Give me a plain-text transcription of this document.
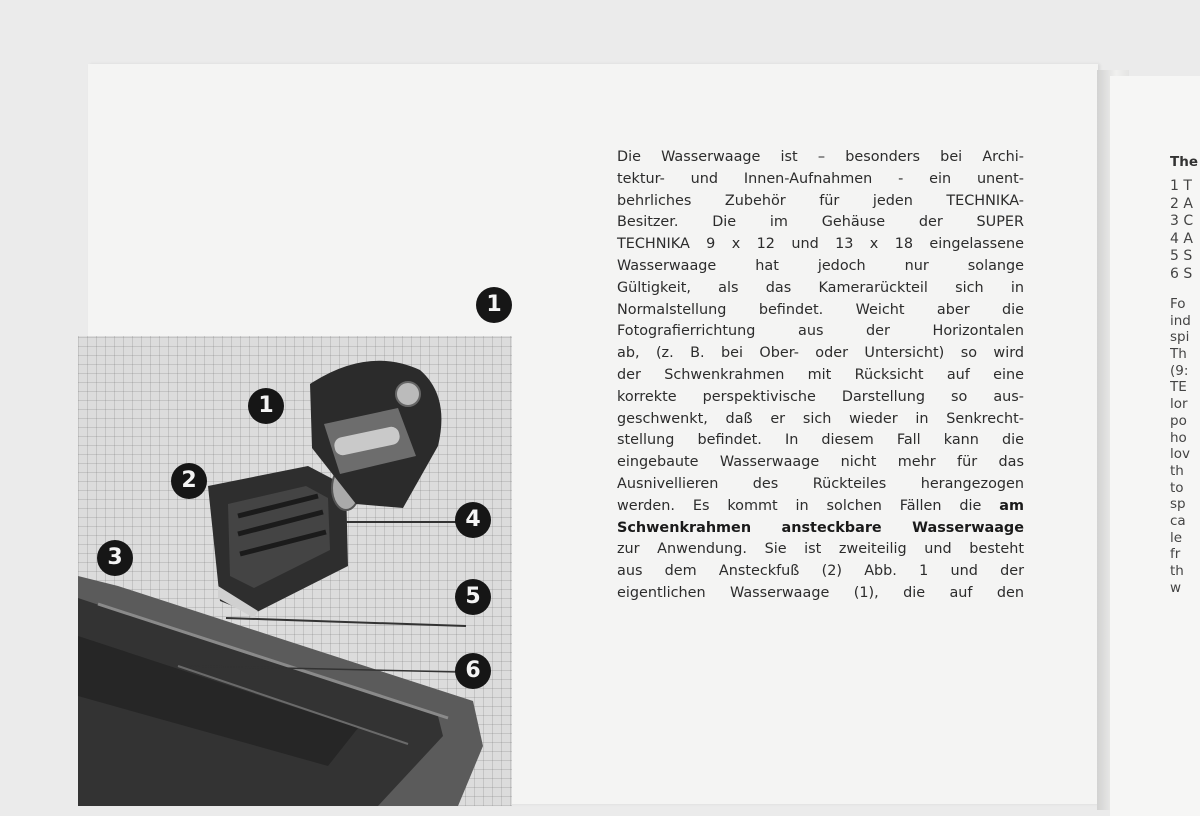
1
1
2
3
4
5
6
Die Wasserwaage ist – besonders bei Archi-
tektur- und Innen-Aufnahmen - ein unent-
behrliches Zubehör für jeden TECHNIKA-
Besitzer. Die im Gehäuse der SUPER
TECHNIKA 9 x 12 und 13 x 18 eingelassene
Wasserwaage hat jedoch nur solange
Gültigkeit, als das Kamerarückteil sich in
Normalstellung befindet. Weicht aber die
Fotografierrichtung aus der Horizontalen
ab, (z. B. bei Ober- oder Untersicht) so wird
der Schwenkrahmen mit Rücksicht auf eine
korrekte perspektivische Darstellung so aus-
geschwenkt, daß er sich wieder in Senkrecht-
stellung befindet. In diesem Fall kann die
eingebaute Wasserwaage nicht mehr für das
Ausnivellieren des Rückteiles herangezogen
werden. Es kommt in solchen Fällen die am
Schwenkrahmen ansteckbare Wasserwaage
zur Anwendung. Sie ist zweiteilig und besteht
aus dem Ansteckfuß (2) Abb. 1 und der
eigentlichen Wasserwaage (1), die auf den
The
1 T
2 A
3 C
4 A
5 S
6 S
Fo
ind
spi
Th
(9:
TE
lor
po
ho
lov
th
to
sp
ca
le
fr
th
w
